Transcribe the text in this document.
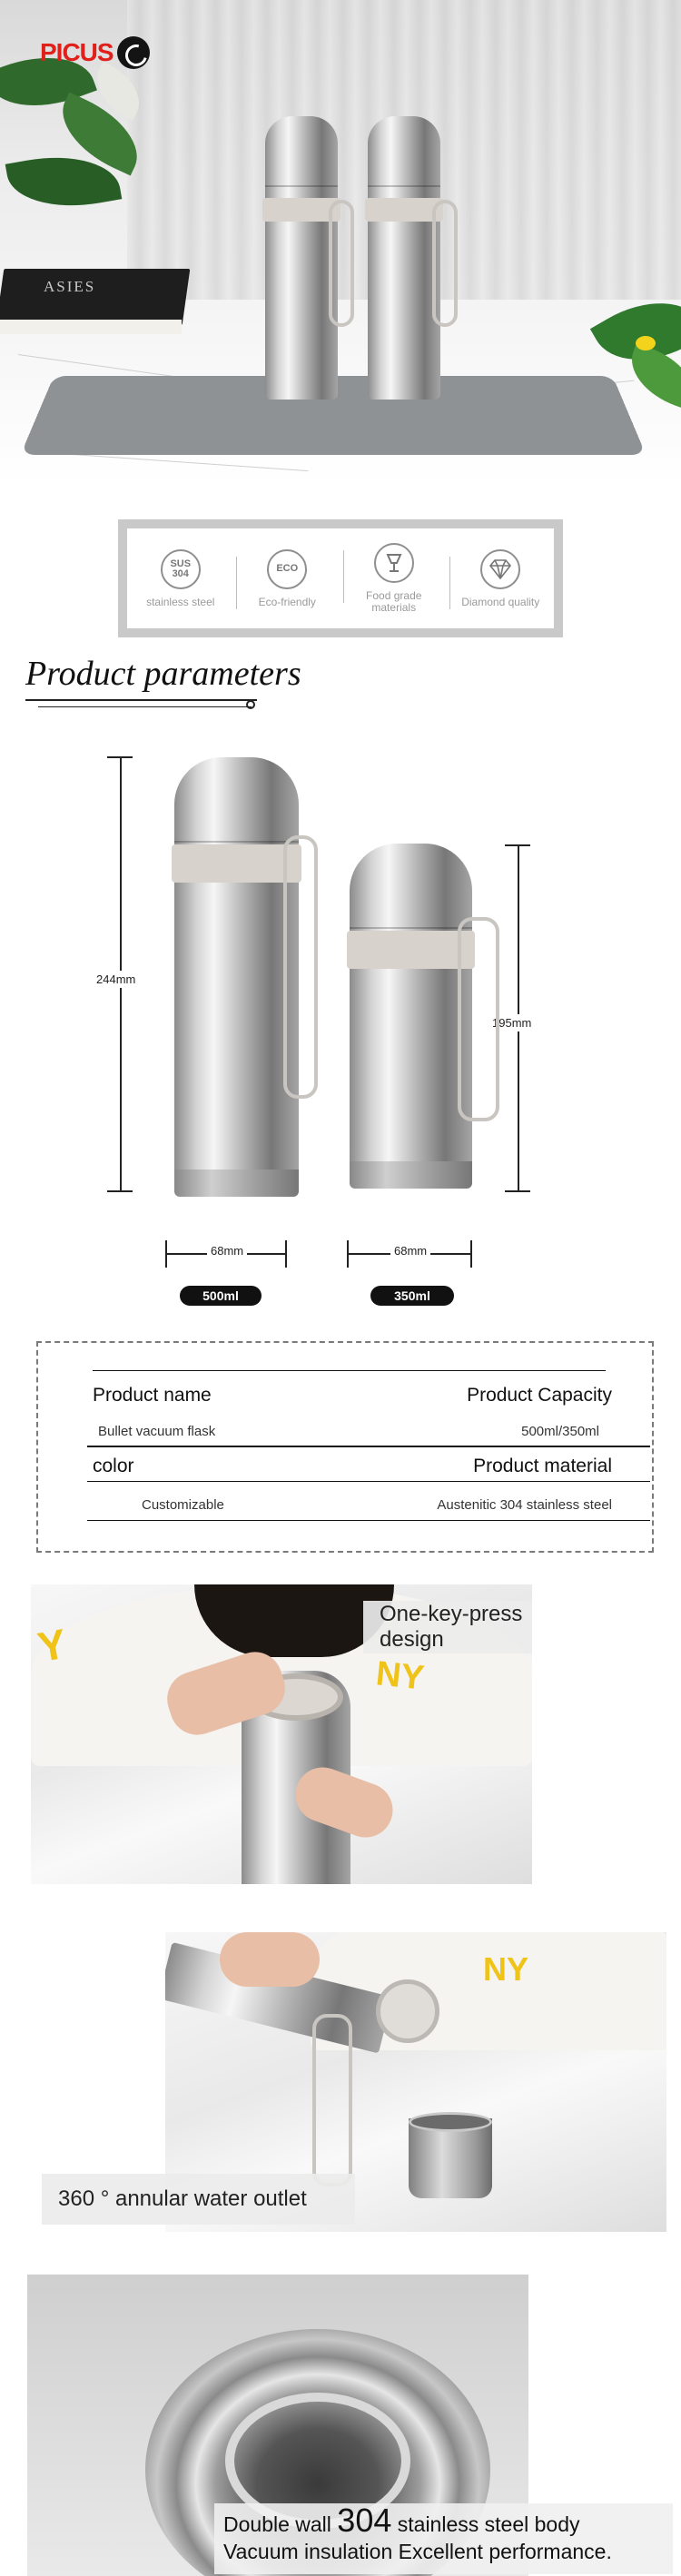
ASIES
PICUS
SUS
304
stainless steel
ECO
Eco-friendly	Food grade
materials	Diamond quality
Product parameters
244mm
195mm
68mm	68mm
500ml	350ml
Product name	Product Capacity
Bullet vacuum flask	500ml/350ml
color	Product material
Customizable	Austenitic 304 stainless steel
Y
NY
One-key-press design
NY
360 ° annular water outlet
Double wall 304 stainless steel body
Vacuum insulation Excellent performance.
